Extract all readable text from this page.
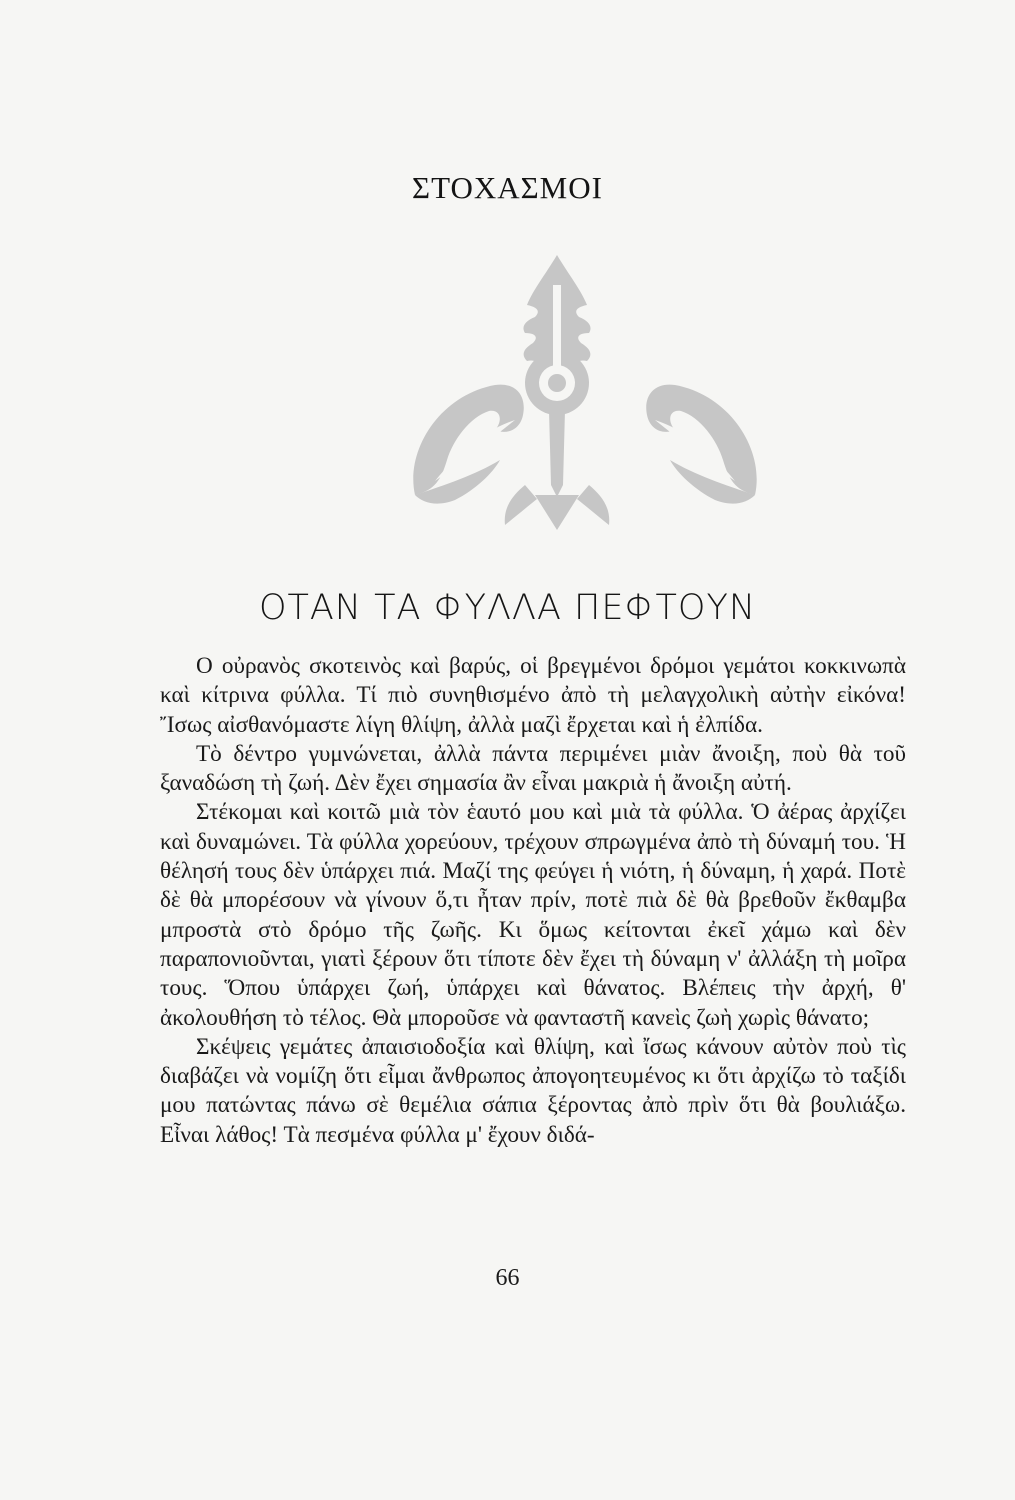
ΣΤΟΧΑΣΜΟΙ
ΟΤΑΝ ΤΑ ΦΥΛΛΑ ΠΕΦΤΟΥΝ

Ο οὐρανὸς σκοτεινὸς καὶ βαρύς, οἱ βρεγμένοι δρόμοι γεμάτοι κοκκινωπὰ καὶ κίτρινα φύλλα. Τί πιὸ συνηθισμένο ἀπὸ τὴ μελαγχολικὴ αὐτὴν εἰκόνα! Ἴσως αἰσθανόμαστε λίγη θλίψη, ἀλλὰ μαζὶ ἔρχεται καὶ ἡ ἐλπίδα.

Τὸ δέντρο γυμνώνεται, ἀλλὰ πάντα περιμένει μιὰν ἄνοιξη, ποὺ θὰ τοῦ ξαναδώση τὴ ζωή. Δὲν ἔχει σημασία ἂν εἶναι μακριὰ ἡ ἄνοιξη αὐτή.

Στέκομαι καὶ κοιτῶ μιὰ τὸν ἑαυτό μου καὶ μιὰ τὰ φύλλα. Ὁ ἀέρας ἀρχίζει καὶ δυναμώνει. Τὰ φύλλα χορεύουν, τρέχουν σπρωγμένα ἀπὸ τὴ δύναμή του. Ἡ θέλησή τους δὲν ὑπάρχει πιά. Μαζί της φεύγει ἡ νιότη, ἡ δύναμη, ἡ χαρά. Ποτὲ δὲ θὰ μπορέσουν νὰ γίνουν ὅ,τι ἦταν πρίν, ποτὲ πιὰ δὲ θὰ βρεθοῦν ἔκθαμβα μπροστὰ στὸ δρόμο τῆς ζωῆς. Κι ὅμως κείτονται ἐκεῖ χάμω καὶ δὲν παραπονιοῦνται, γιατὶ ξέρουν ὅτι τίποτε δὲν ἔχει τὴ δύναμη ν' ἀλλάξη τὴ μοῖρα τους. Ὅπου ὑπάρχει ζωή, ὑπάρχει καὶ θάνατος. Βλέπεις τὴν ἀρχή, θ' ἀκολουθήση τὸ τέλος. Θὰ μποροῦσε νὰ φανταστῆ κανεὶς ζωὴ χωρὶς θάνατο;

Σκέψεις γεμάτες ἀπαισιοδοξία καὶ θλίψη, καὶ ἴσως κάνουν αὐτὸν ποὺ τὶς διαβάζει νὰ νομίζη ὅτι εἶμαι ἄνθρωπος ἀπογοητευμένος κι ὅτι ἀρχίζω τὸ ταξίδι μου πατώντας πάνω σὲ θεμέλια σάπια ξέροντας ἀπὸ πρὶν ὅτι θὰ βουλιάξω. Εἶναι λάθος! Τὰ πεσμένα φύλλα μ' ἔχουν διδά-

66
